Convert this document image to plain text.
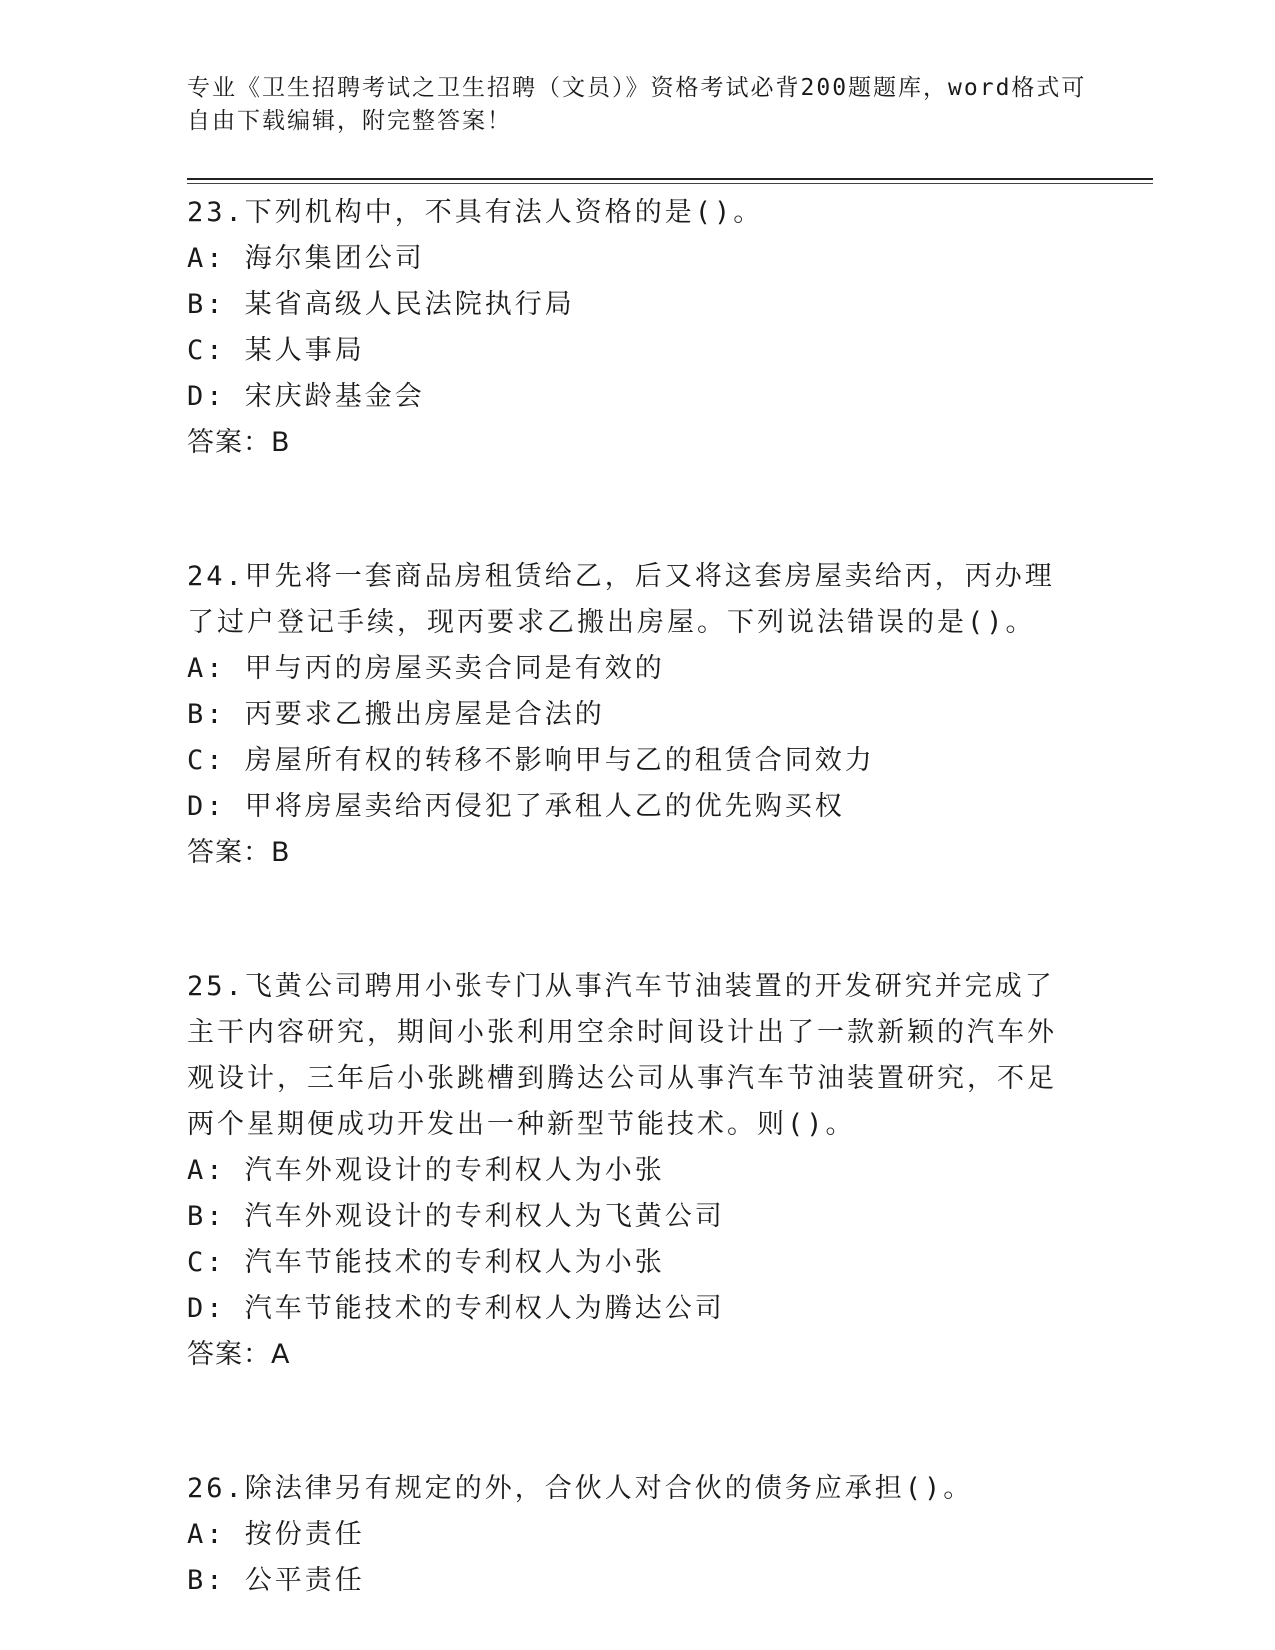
专业《卫生招聘考试之卫生招聘（文员）》资格考试必背200题题库，word格式可自由下载编辑，附完整答案！
23.下列机构中，不具有法人资格的是()。
A: 海尔集团公司
B: 某省高级人民法院执行局
C: 某人事局
D: 宋庆龄基金会
答案：B
24.甲先将一套商品房租赁给乙，后又将这套房屋卖给丙，丙办理了过户登记手续，现丙要求乙搬出房屋。下列说法错误的是()。
A: 甲与丙的房屋买卖合同是有效的
B: 丙要求乙搬出房屋是合法的
C: 房屋所有权的转移不影响甲与乙的租赁合同效力
D: 甲将房屋卖给丙侵犯了承租人乙的优先购买权
答案：B
25.飞黄公司聘用小张专门从事汽车节油装置的开发研究并完成了主干内容研究，期间小张利用空余时间设计出了一款新颖的汽车外观设计，三年后小张跳槽到腾达公司从事汽车节油装置研究，不足两个星期便成功开发出一种新型节能技术。则()。
A: 汽车外观设计的专利权人为小张
B: 汽车外观设计的专利权人为飞黄公司
C: 汽车节能技术的专利权人为小张
D: 汽车节能技术的专利权人为腾达公司
答案：A
26.除法律另有规定的外，合伙人对合伙的债务应承担()。
A: 按份责任
B: 公平责任
